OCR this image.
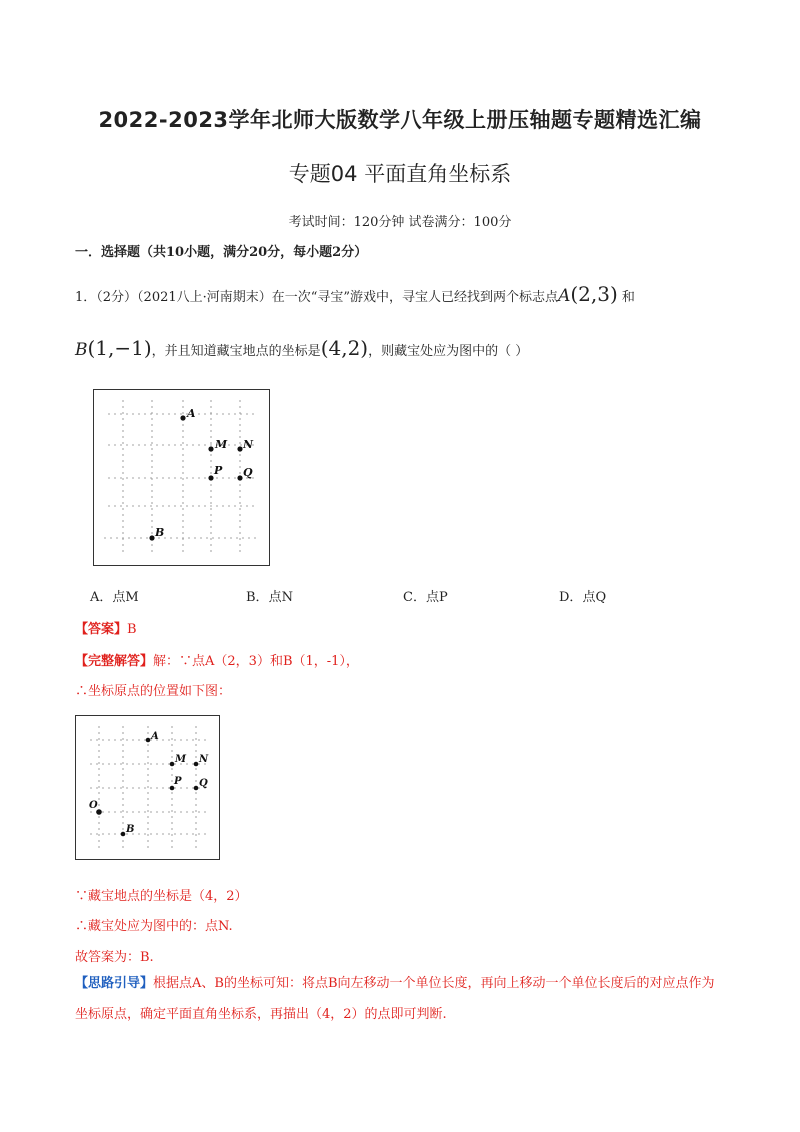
2022-2023学年北师大版数学八年级上册压轴题专题精选汇编
专题04 平面直角坐标系
考试时间：120分钟 试卷满分：100分
一．选择题（共10小题，满分20分，每小题2分）
1．（2分）（2021八上·河南期末）在一次“寻宝”游戏中，寻宝人已经找到两个标志点A(2,3) 和
B(1,−1)，并且知道藏宝地点的坐标是(4,2)，则藏宝处应为图中的（ ）
A
M N
P Q
B
A．点M	B．点N	C．点P	D．点Q
【答案】B
【完整解答】解：∵点A（2，3）和B（1，-1），
∴坐标原点的位置如下图：
A
M N
P Q
B
O
∵藏宝地点的坐标是（4，2）
∴藏宝处应为图中的：点N.
故答案为：B.
【思路引导】根据点A、B的坐标可知：将点B向左移动一个单位长度，再向上移动一个单位长度后的对应点作为坐标原点，确定平面直角坐标系，再描出（4，2）的点即可判断.
